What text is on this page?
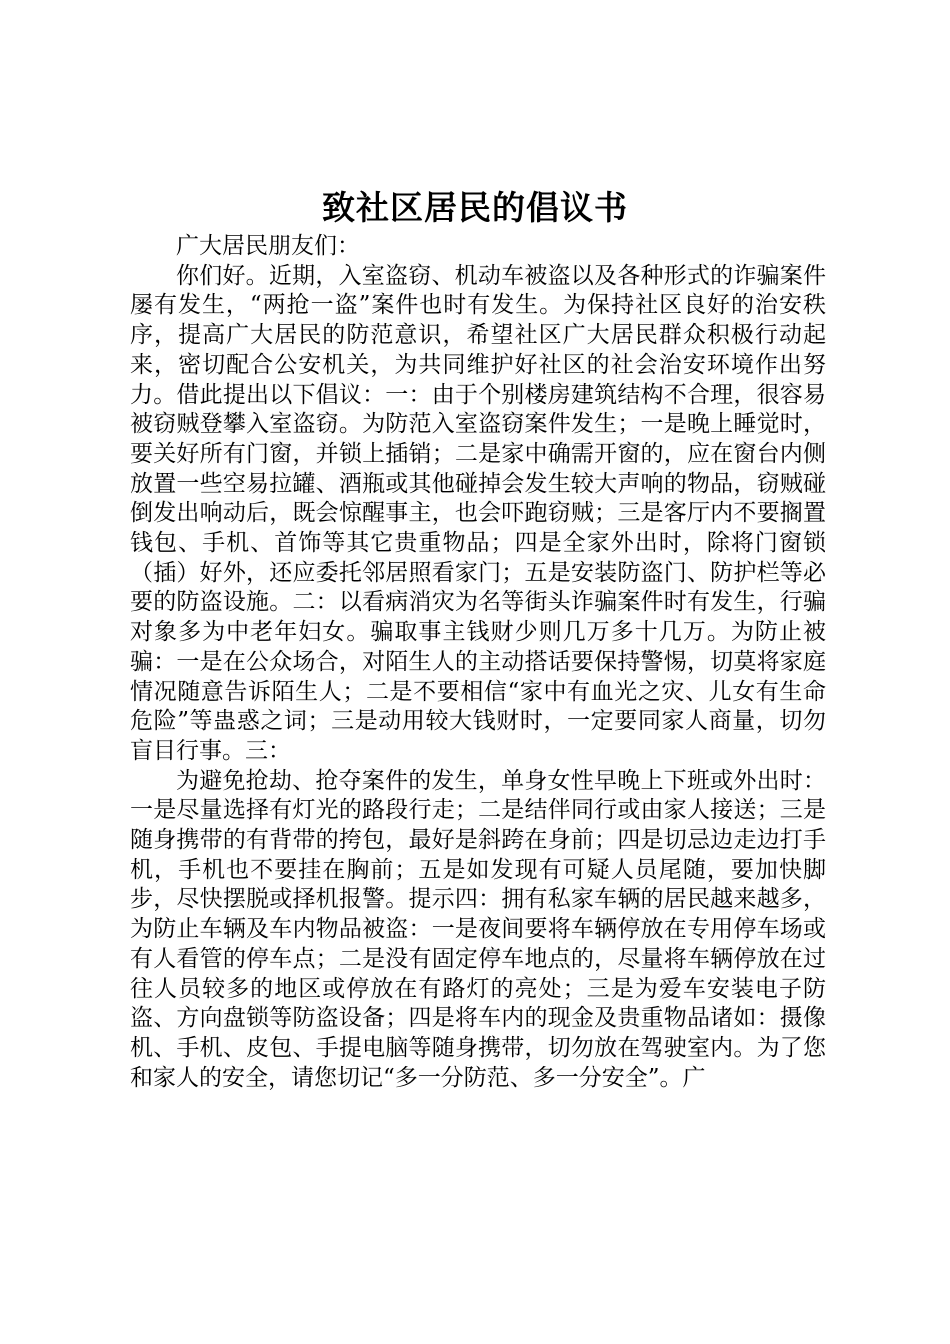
致社区居民的倡议书

广大居民朋友们：

你们好。近期，入室盗窃、机动车被盗以及各种形式的诈骗案件屡有发生，“两抢一盗”案件也时有发生。为保持社区良好的治安秩序，提高广大居民的防范意识，希望社区广大居民群众积极行动起来，密切配合公安机关，为共同维护好社区的社会治安环境作出努力。借此提出以下倡议：一：由于个别楼房建筑结构不合理，很容易被窃贼登攀入室盗窃。为防范入室盗窃案件发生；一是晚上睡觉时，要关好所有门窗，并锁上插销；二是家中确需开窗的，应在窗台内侧放置一些空易拉罐、酒瓶或其他碰掉会发生较大声响的物品，窃贼碰倒发出响动后，既会惊醒事主，也会吓跑窃贼；三是客厅内不要搁置钱包、手机、首饰等其它贵重物品；四是全家外出时，除将门窗锁（插）好外，还应委托邻居照看家门；五是安装防盗门、防护栏等必要的防盗设施。二：以看病消灾为名等街头诈骗案件时有发生，行骗对象多为中老年妇女。骗取事主钱财少则几万多十几万。为防止被骗：一是在公众场合，对陌生人的主动搭话要保持警惕，切莫将家庭情况随意告诉陌生人；二是不要相信“家中有血光之灾、儿女有生命危险”等蛊惑之词；三是动用较大钱财时，一定要同家人商量，切勿盲目行事。三：

为避免抢劫、抢夺案件的发生，单身女性早晚上下班或外出时：一是尽量选择有灯光的路段行走；二是结伴同行或由家人接送；三是随身携带的有背带的挎包，最好是斜跨在身前；四是切忌边走边打手机，手机也不要挂在胸前；五是如发现有可疑人员尾随，要加快脚步，尽快摆脱或择机报警。提示四：拥有私家车辆的居民越来越多，为防止车辆及车内物品被盗：一是夜间要将车辆停放在专用停车场或有人看管的停车点；二是没有固定停车地点的，尽量将车辆停放在过往人员较多的地区或停放在有路灯的亮处；三是为爱车安装电子防盗、方向盘锁等防盗设备；四是将车内的现金及贵重物品诸如：摄像机、手机、皮包、手提电脑等随身携带，切勿放在驾驶室内。为了您和家人的安全，请您切记“多一分防范、多一分安全”。广
